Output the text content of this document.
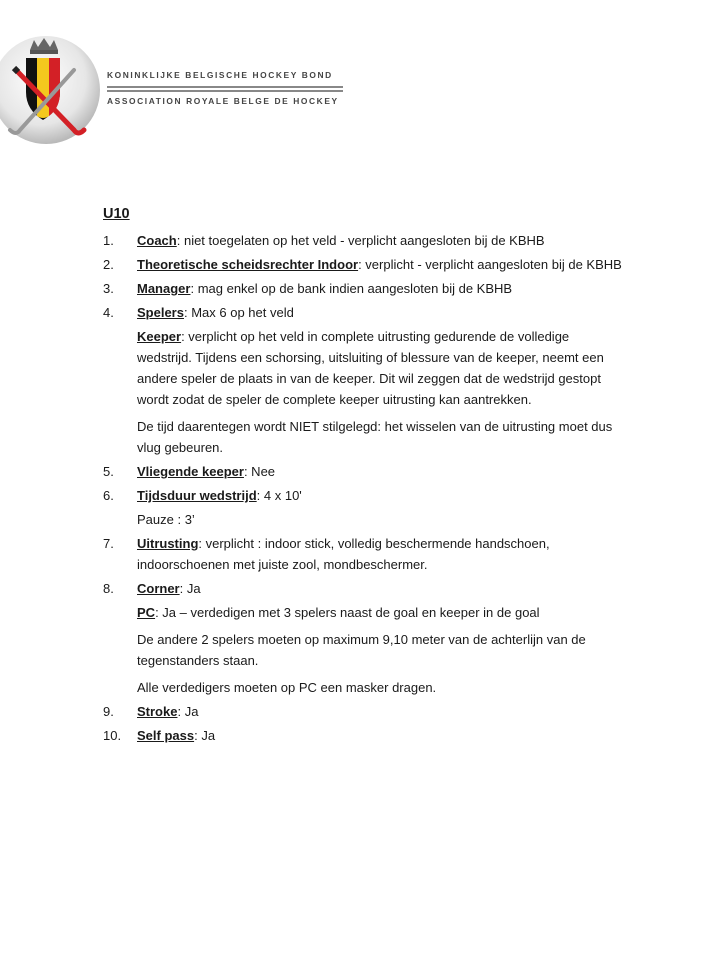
KONINKLIJKE BELGISCHE HOCKEY BOND
ASSOCIATION ROYALE BELGE DE HOCKEY
U10
1.	Coach: niet toegelaten op het veld - verplicht aangesloten bij de KBHB
2.	Theoretische scheidsrechter Indoor: verplicht - verplicht aangesloten bij de KBHB
3.	Manager: mag enkel op de bank indien aangesloten bij de KBHB
4.	Spelers: Max 6 op het veld
Keeper: verplicht op het veld in complete uitrusting gedurende de volledige wedstrijd. Tijdens een schorsing, uitsluiting of blessure van de keeper, neemt een andere speler de plaats in van de keeper. Dit wil zeggen dat de wedstrijd gestopt wordt zodat de speler de complete keeper uitrusting kan aantrekken.
De tijd daarentegen wordt NIET stilgelegd: het wisselen van de uitrusting moet dus vlug gebeuren.
5.	Vliegende keeper: Nee
6.	Tijdsduur wedstrijd: 4 x 10'
Pauze : 3’
7.	Uitrusting: verplicht : indoor stick, volledig beschermende handschoen, indoorschoenen met juiste zool, mondbeschermer.
8.	Corner: Ja
PC: Ja – verdedigen met 3 spelers naast de goal en keeper in de goal
De andere 2 spelers moeten op maximum 9,10 meter van de achterlijn van de tegenstanders staan.
Alle verdedigers moeten op PC een masker dragen.
9.	Stroke: Ja
10.	Self pass: Ja
